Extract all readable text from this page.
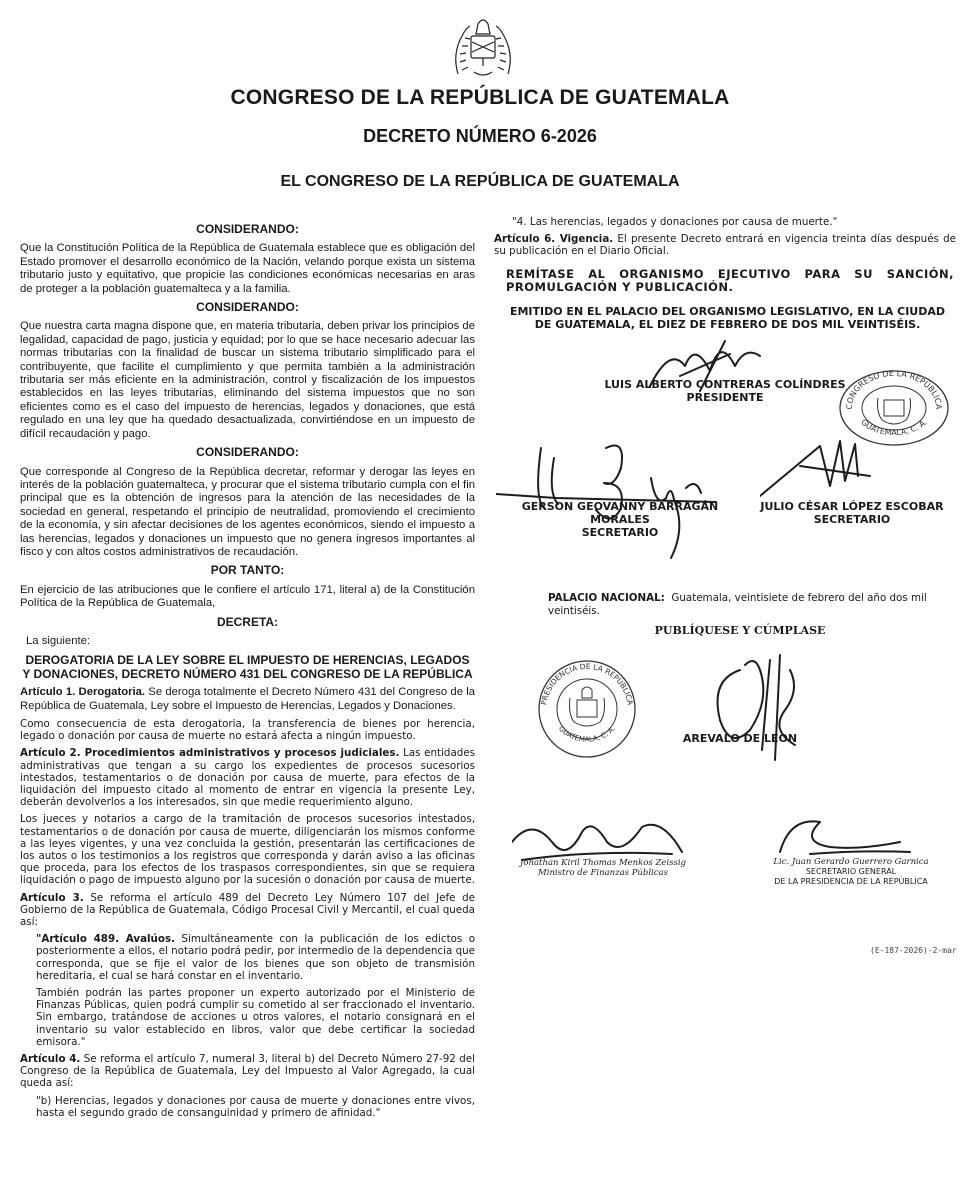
CONGRESO DE LA REPÚBLICA DE GUATEMALA
DECRETO NÚMERO 6-2026
EL CONGRESO DE LA REPÚBLICA DE GUATEMALA
CONSIDERANDO:

Que la Constitución Política de la República de Guatemala establece que es obligación del Estado promover el desarrollo económico de la Nación, velando porque exista un sistema tributario justo y equitativo, que propicie las condiciones económicas necesarias en aras de proteger a la población guatemalteca y a la familia.

CONSIDERANDO:

Que nuestra carta magna dispone que, en materia tributaria, deben privar los principios de legalidad, capacidad de pago, justicia y equidad; por lo que se hace necesario adecuar las normas tributarias con la finalidad de buscar un sistema tributario simplificado para el contribuyente, que facilite el cumplimiento y que permita también a la administración tributaria ser más eficiente en la administración, control y fiscalización de los impuestos establecidos en las leyes tributarias, eliminando del sistema impuestos que no son eficientes como es el caso del impuesto de herencias, legados y donaciones, que está regulado en una ley que ha quedado desactualizada, convirtiéndose en un impuesto de difícil recaudación y pago.

CONSIDERANDO:

Que corresponde al Congreso de la República decretar, reformar y derogar las leyes en interés de la población guatemalteca, y procurar que el sistema tributario cumpla con el fin principal que es la obtención de ingresos para la atención de las necesidades de la sociedad en general, respetando el principio de neutralidad, promoviendo el crecimiento de la economía, y sin afectar decisiones de los agentes económicos, siendo el impuesto a las herencias, legados y donaciones un impuesto que no genera ingresos importantes al fisco y con altos costos administrativos de recaudación.

POR TANTO:

En ejercicio de las atribuciones que le confiere el artículo 171, literal a) de la Constitución Política de la República de Guatemala,

DECRETA:

La siguiente:

DEROGATORIA DE LA LEY SOBRE EL IMPUESTO DE HERENCIAS, LEGADOS Y DONACIONES, DECRETO NÚMERO 431 DEL CONGRESO DE LA REPÚBLICA

Artículo 1. Derogatoria. Se deroga totalmente el Decreto Número 431 del Congreso de la República de Guatemala, Ley sobre el Impuesto de Herencias, Legados y Donaciones.

Como consecuencia de esta derogatoria, la transferencia de bienes por herencia, legado o donación por causa de muerte no estará afecta a ningún impuesto.

Artículo 2. Procedimientos administrativos y procesos judiciales. Las entidades administrativas que tengan a su cargo los expedientes de procesos sucesorios intestados, testamentarios o de donación por causa de muerte, para efectos de la liquidación del impuesto citado al momento de entrar en vigencia la presente Ley, deberán devolverlos a los interesados, sin que medie requerimiento alguno.

Los jueces y notarios a cargo de la tramitación de procesos sucesorios intestados, testamentarios o de donación por causa de muerte, diligenciarán los mismos conforme a las leyes vigentes, y una vez concluida la gestión, presentarán las certificaciones de los autos o los testimonios a los registros que corresponda y darán aviso a las oficinas que proceda, para los efectos de los traspasos correspondientes, sin que se requiera liquidación o pago de impuesto alguno por la sucesión o donación por causa de muerte.

Artículo 3. Se reforma el artículo 489 del Decreto Ley Número 107 del Jefe de Gobierno de la República de Guatemala, Código Procesal Civil y Mercantil, el cual queda así:

"Artículo 489. Avalúos. Simultáneamente con la publicación de los edictos o posteriormente a ellos, el notario podrá pedir, por intermedio de la dependencia que corresponda, que se fije el valor de los bienes que son objeto de transmisión hereditaria, el cual se hará constar en el inventario.

También podrán las partes proponer un experto autorizado por el Ministerio de Finanzas Públicas, quien podrá cumplir su cometido al ser fraccionado el inventario. Sin embargo, tratándose de acciones u otros valores, el notario consignará en el inventario su valor establecido en libros, valor que debe certificar la sociedad emisora."

Artículo 4. Se reforma el artículo 7, numeral 3, literal b) del Decreto Número 27-92 del Congreso de la República de Guatemala, Ley del Impuesto al Valor Agregado, la cual queda así:

"b) Herencias, legados y donaciones por causa de muerte y donaciones entre vivos, hasta el segundo grado de consanguinidad y primero de afinidad."

"4. Las herencias, legados y donaciones por causa de muerte."

Artículo 6. Vigencia. El presente Decreto entrará en vigencia treinta días después de su publicación en el Diario Oficial.

REMÍTASE AL ORGANISMO EJECUTIVO PARA SU SANCIÓN, PROMULGACIÓN Y PUBLICACIÓN.
EMITIDO EN EL PALACIO DEL ORGANISMO LEGISLATIVO, EN LA CIUDAD DE GUATEMALA, EL DIEZ DE FEBRERO DE DOS MIL VEINTISÉIS.
LUIS ALBERTO CONTRERAS COLÍNDRES
PRESIDENTE
CONGRESO DE LA REPÚBLICA
GUATEMALA, C. A.
GERSON GEOVANNY BARRAGÁN MORALES
SECRETARIO
JULIO CÉSAR LÓPEZ ESCOBAR
SECRETARIO
PALACIO NACIONAL: Guatemala, veintisiete de febrero del año dos mil veintiséis.
PUBLÍQUESE Y CÚMPLASE
PRESIDENCIA DE LA REPÚBLICA
GUATEMALA, C. A.
AREVALO DE LEON
Jonathan Kiril Thomas Menkos Zeissig
Ministro de Finanzas Públicas
Lic. Juan Gerardo Guerrero Garnica
SECRETARIO GENERAL
DE LA PRESIDENCIA DE LA REPÚBLICA
(E-187-2026)-2-mar
